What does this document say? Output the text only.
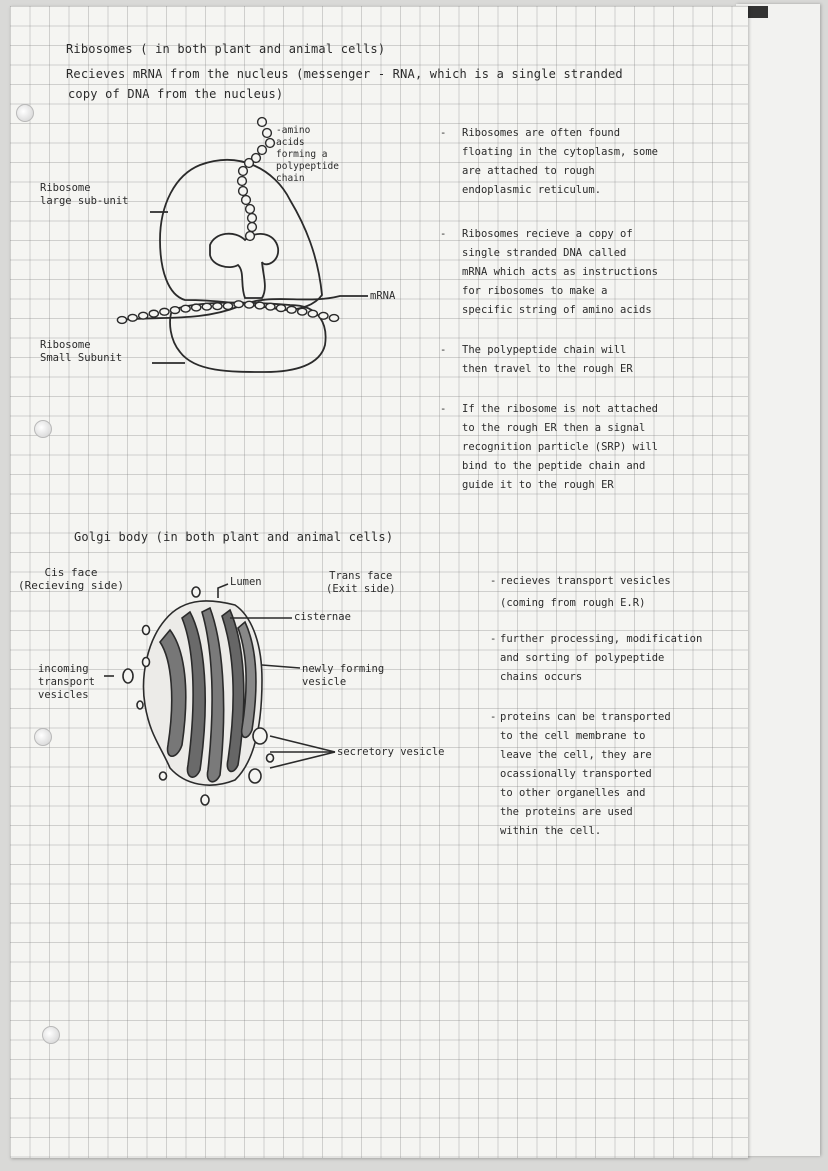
Ribosomes ( in both plant and animal cells)

Recieves mRNA from the nucleus (messenger - RNA, which is a single stranded

copy of DNA from the nucleus)

Ribosome
large sub-unit

Ribosome
Small Subunit

-amino
acids
forming a
polypeptide
chain

mRNA

- Ribosomes are often found

floating in the cytoplasm, some

are attached to rough

endoplasmic reticulum.

- Ribosomes recieve a copy of

single stranded DNA called

mRNA which acts as instructions

for ribosomes to make a

specific string of amino acids

- The polypeptide chain will

then travel to the rough ER

- If the ribosome is not attached

to the rough ER then a signal

recognition particle (SRP) will

bind to the peptide chain and

guide it to the rough ER

Golgi body (in both plant and animal cells)

Cis face
(Recieving side)	Lumen	Trans face
(Exit side)

cisternae

newly forming
vesicle

incoming
transport
vesicles

secretory vesicle

- recieves transport vesicles

(coming from rough E.R)

- further processing, modification

and sorting of polypeptide

chains occurs

- proteins can be transported

to the cell membrane to

leave the cell, they are

ocassionally transported

to other organelles and

the proteins are used

within the cell.
